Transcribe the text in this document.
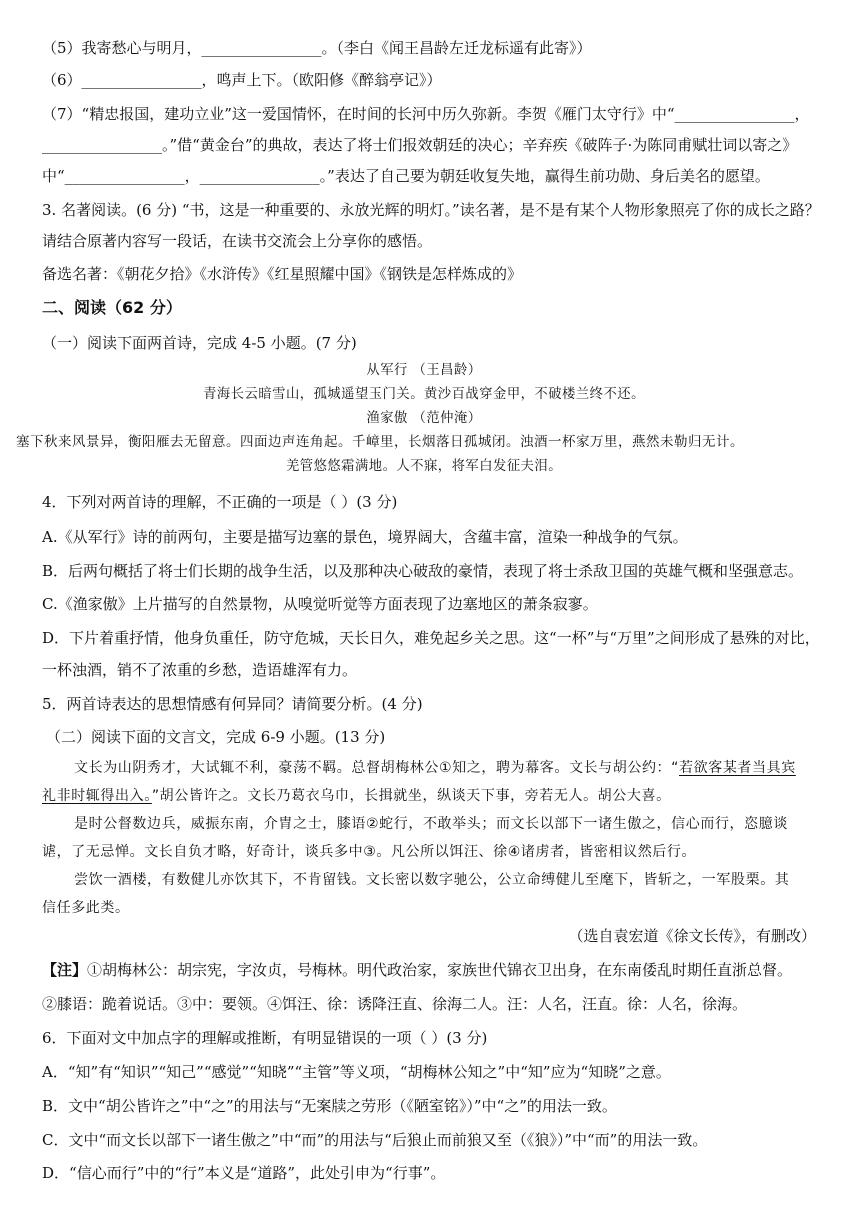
（5）我寄愁心与明月，________________。（李白《闻王昌龄左迁龙标遥有此寄》）
（6）________________，鸣声上下。（欧阳修《醉翁亭记》）
（7）“精忠报国，建功立业”这一爱国情怀，在时间的长河中历久弥新。李贺《雁门太守行》中“________________，
________________。”借“黄金台”的典故，表达了将士们报效朝廷的决心；辛弃疾《破阵子·为陈同甫赋壮词以寄之》
中“________________，________________。”表达了自己要为朝廷收复失地，赢得生前功勋、身后美名的愿望。
3. 名著阅读。(6 分) “书，这是一种重要的、永放光辉的明灯。”读名著，是不是有某个人物形象照亮了你的成长之路？
请结合原著内容写一段话，在读书交流会上分享你的感悟。
备选名著：《朝花夕拾》《水浒传》《红星照耀中国》《钢铁是怎样炼成的》
二、阅读（62 分）
（一）阅读下面两首诗，完成 4-5 小题。(7 分)
从军行 （王昌龄）
青海长云暗雪山，孤城遥望玉门关。黄沙百战穿金甲，不破楼兰终不还。
渔家傲 （范仲淹）
塞下秋来风景异，衡阳雁去无留意。四面边声连角起。千嶂里，长烟落日孤城闭。浊酒一杯家万里，燕然未勒归无计。
羌管悠悠霜满地。人不寐，将军白发征夫泪。
4．下列对两首诗的理解，不正确的一项是（ ）(3 分)
A.《从军行》诗的前两句，主要是描写边塞的景色，境界阔大，含蕴丰富，渲染一种战争的气氛。
B．后两句概括了将士们长期的战争生活，以及那种决心破敌的豪情，表现了将士杀敌卫国的英雄气概和坚强意志。
C.《渔家傲》上片描写的自然景物，从嗅觉听觉等方面表现了边塞地区的萧条寂寥。
D．下片着重抒情，他身负重任，防守危城，天长日久，难免起乡关之思。这“一杯”与“万里”之间形成了悬殊的对比，
一杯浊酒，销不了浓重的乡愁，造语雄浑有力。
5．两首诗表达的思想情感有何异同？请简要分析。(4 分)
（二）阅读下面的文言文，完成 6-9 小题。(13 分)
文长为山阴秀才，大试辄不利，豪荡不羁。总督胡梅林公①知之，聘为幕客。文长与胡公约：“若欲客某者当具宾
礼非时辄得出入。”胡公皆许之。文长乃葛衣乌巾，长揖就坐，纵谈天下事，旁若无人。胡公大喜。
是时公督数边兵，威振东南，介胄之士，膝语②蛇行，不敢举头；而文长以部下一诸生傲之，信心而行，恣臆谈
谑，了无忌惮。文长自负才略，好奇计，谈兵多中③。凡公所以饵汪、徐④诸虏者，皆密相议然后行。
尝饮一酒楼，有数健儿亦饮其下，不肯留钱。文长密以数字驰公，公立命缚健儿至麾下，皆斩之，一军股栗。其
信任多此类。
（选自袁宏道《徐文长传》，有删改）
【注】①胡梅林公：胡宗宪，字汝贞，号梅林。明代政治家，家族世代锦衣卫出身，在东南倭乱时期任直浙总督。
②膝语：跪着说话。③中：要领。④饵汪、徐：诱降汪直、徐海二人。汪：人名，汪直。徐：人名，徐海。
6．下面对文中加点字的理解或推断，有明显错误的一项（ ）(3 分)
A．“知”有“知识”“知己”“感觉”“知晓”“主管”等义项，“胡梅林公知之”中“知”应为“知晓”之意。
B．文中“胡公皆许之”中“之”的用法与“无案牍之劳形（《陋室铭》）”中“之”的用法一致。
C．文中“而文长以部下一诸生傲之”中“而”的用法与“后狼止而前狼又至（《狼》）”中“而”的用法一致。
D．“信心而行”中的“行”本义是“道路”，此处引申为“行事”。
